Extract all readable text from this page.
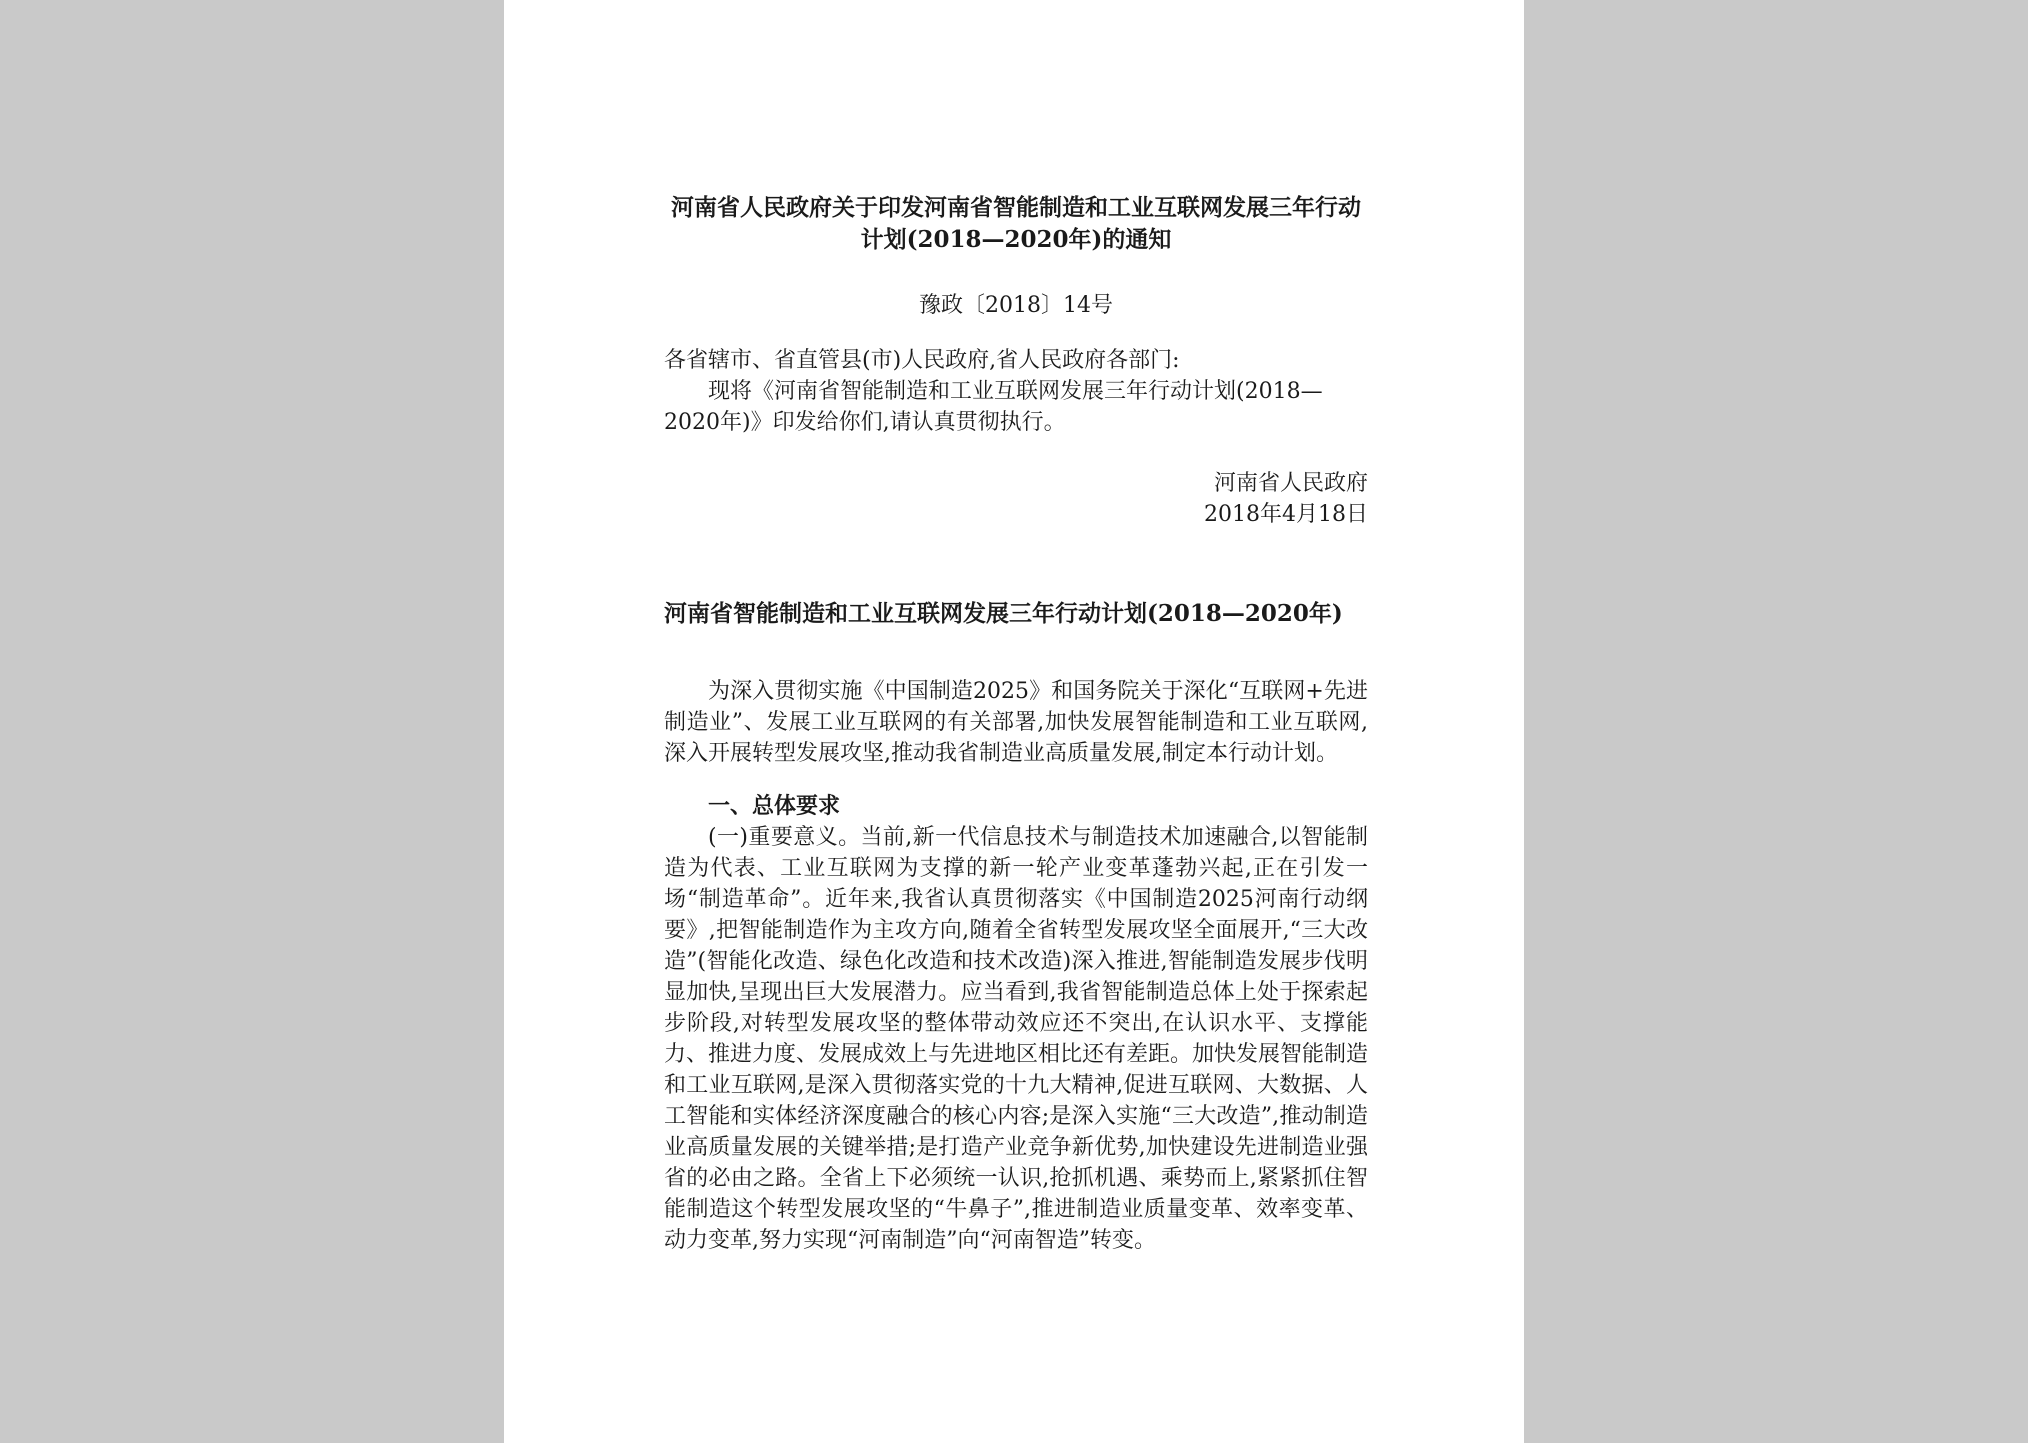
河南省人民政府关于印发河南省智能制造和工业互联网发展三年行动计划(2018—2020年)的通知
豫政〔2018〕14号
各省辖市、省直管县(市)人民政府,省人民政府各部门:

现将《河南省智能制造和工业互联网发展三年行动计划(2018—2020年)》印发给你们,请认真贯彻执行。

河南省人民政府
2018年4月18日
河南省智能制造和工业互联网发展三年行动计划(2018—2020年)

为深入贯彻实施《中国制造2025》和国务院关于深化“互联网+先进制造业”、发展工业互联网的有关部署,加快发展智能制造和工业互联网,深入开展转型发展攻坚,推动我省制造业高质量发展,制定本行动计划。

一、总体要求

(一)重要意义。当前,新一代信息技术与制造技术加速融合,以智能制造为代表、工业互联网为支撑的新一轮产业变革蓬勃兴起,正在引发一场“制造革命”。近年来,我省认真贯彻落实《中国制造2025河南行动纲要》,把智能制造作为主攻方向,随着全省转型发展攻坚全面展开,“三大改造”(智能化改造、绿色化改造和技术改造)深入推进,智能制造发展步伐明显加快,呈现出巨大发展潜力。应当看到,我省智能制造总体上处于探索起步阶段,对转型发展攻坚的整体带动效应还不突出,在认识水平、支撑能力、推进力度、发展成效上与先进地区相比还有差距。加快发展智能制造和工业互联网,是深入贯彻落实党的十九大精神,促进互联网、大数据、人工智能和实体经济深度融合的核心内容;是深入实施“三大改造”,推动制造业高质量发展的关键举措;是打造产业竞争新优势,加快建设先进制造业强省的必由之路。全省上下必须统一认识,抢抓机遇、乘势而上,紧紧抓住智能制造这个转型发展攻坚的“牛鼻子”,推进制造业质量变革、效率变革、动力变革,努力实现“河南制造”向“河南智造”转变。
